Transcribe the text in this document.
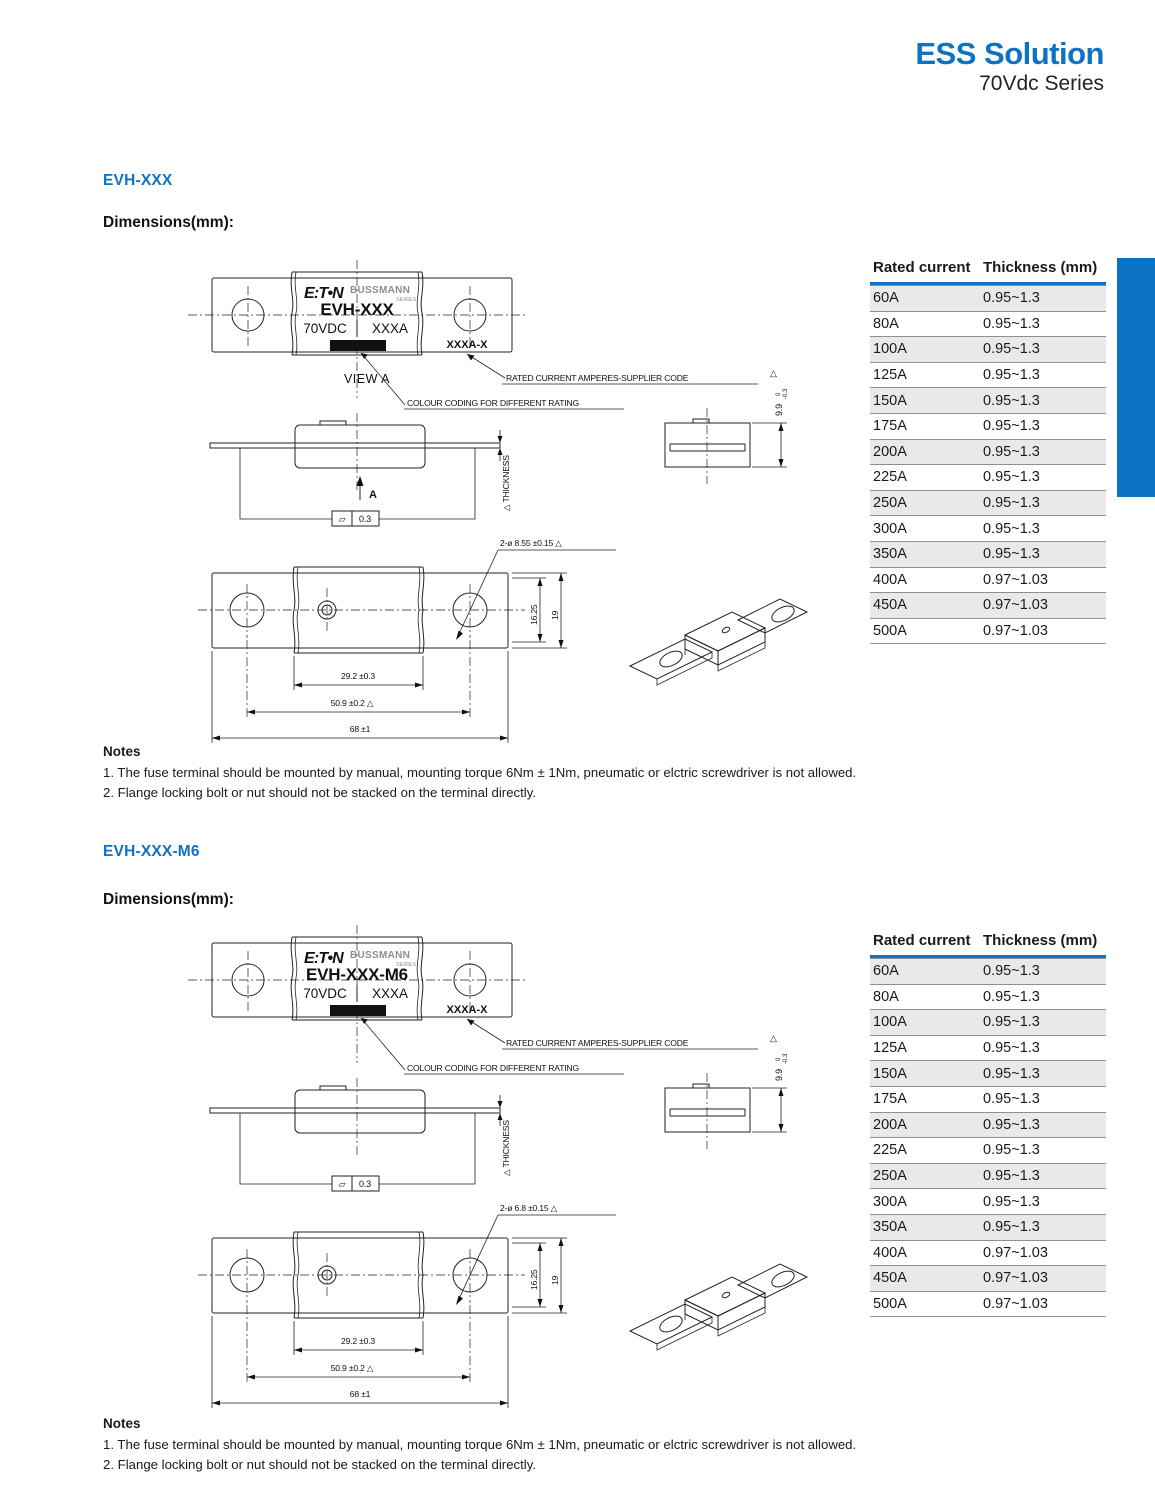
ESS Solution
70Vdc Series
EVH-XXX
Dimensions(mm):
E:T•N BUSSMANN
SERIES
EVH-XXX
70VDC XXXA
XXXA-X
VIEW A	RATED CURRENT AMPERES-SUPPLIER CODE
COLOUR CODING FOR DIFFERENT RATING
9.9
0 -0.3
△
A
▱ 0.3
△ THICKNESS
29.2 ±0.3
50.9 ±0.2 △
68 ±1
16.25 19
2-ø 8.55 ±0.15 △
Rated current Thickness (mm)
60A	0.95~1.3
80A	0.95~1.3
100A	0.95~1.3
125A	0.95~1.3
150A	0.95~1.3
175A	0.95~1.3
200A	0.95~1.3
225A	0.95~1.3
250A	0.95~1.3
300A	0.95~1.3
350A	0.95~1.3
400A	0.97~1.03
450A	0.97~1.03
500A	0.97~1.03

Notes

1. The fuse terminal should be mounted by manual, mounting torque 6Nm ± 1Nm, pneumatic or elctric screwdriver is not allowed.

2. Flange locking bolt or nut should not be stacked on the terminal directly.

EVH-XXX-M6
Dimensions(mm):
E:T•N BUSSMANN
SERIES
EVH-XXX-M6
70VDC XXXA
XXXA-X
RATED CURRENT AMPERES-SUPPLIER CODE
COLOUR CODING FOR DIFFERENT RATING
9.9
0 -0.3
△
▱ 0.3
△ THICKNESS
29.2 ±0.3
50.9 ±0.2 △
68 ±1
16.25 19
2-ø 6.8 ±0.15 △
Rated current Thickness (mm)
60A	0.95~1.3
80A	0.95~1.3
100A	0.95~1.3
125A	0.95~1.3
150A	0.95~1.3
175A	0.95~1.3
200A	0.95~1.3
225A	0.95~1.3
250A	0.95~1.3
300A	0.95~1.3
350A	0.95~1.3
400A	0.97~1.03
450A	0.97~1.03
500A	0.97~1.03

Notes

1. The fuse terminal should be mounted by manual, mounting torque 6Nm ± 1Nm, pneumatic or elctric screwdriver is not allowed.

2. Flange locking bolt or nut should not be stacked on the terminal directly.
